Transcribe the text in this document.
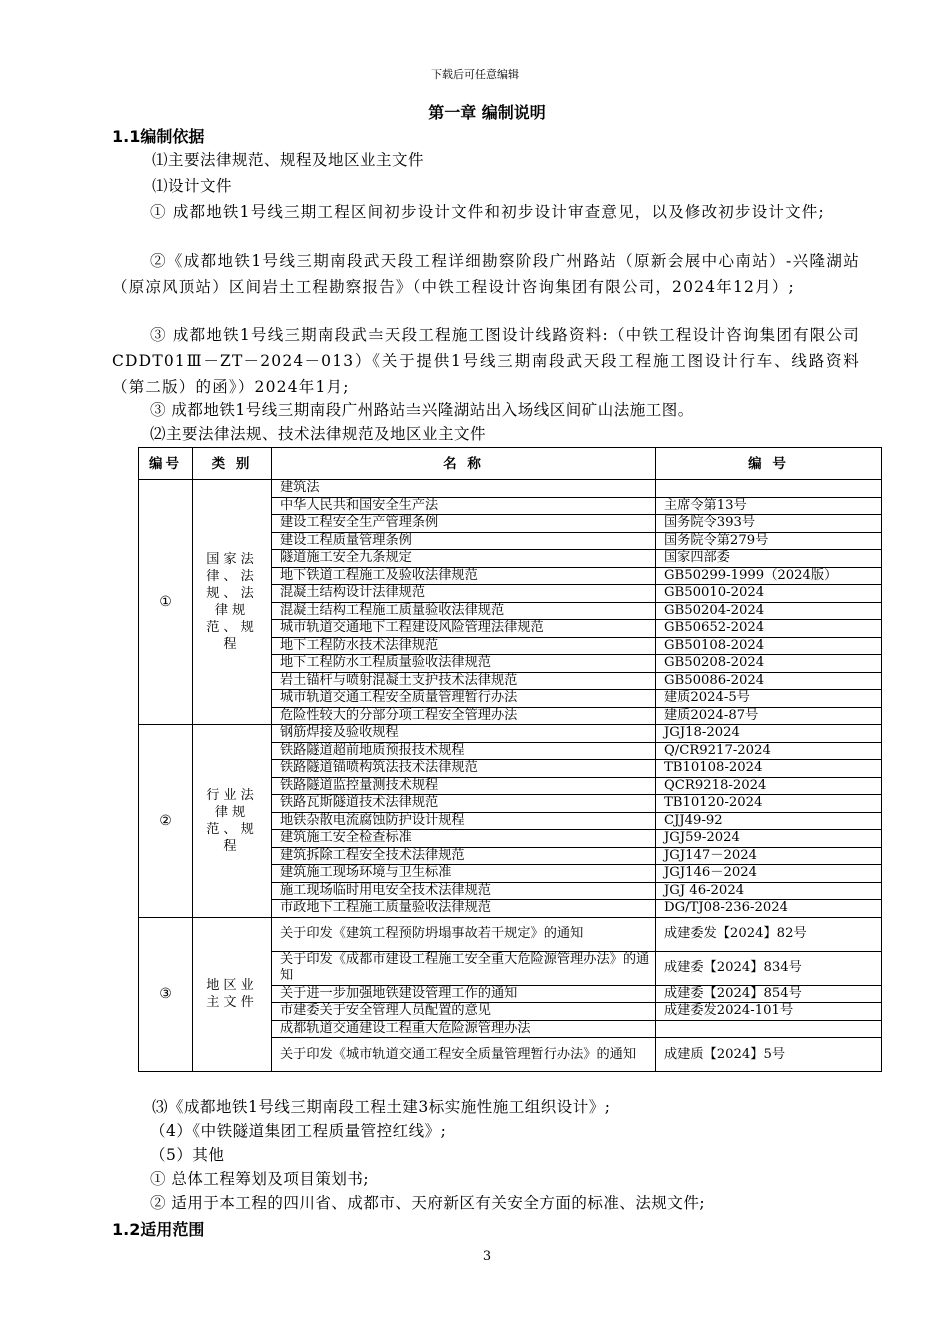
下载后可任意编辑
第一章 编制说明
1.1编制依据
⑴主要法律规范、规程及地区业主文件
⑴设计文件
① 成都地铁1号线三期工程区间初步设计文件和初步设计审查意见，以及修改初步设计文件;
②《成都地铁1号线三期南段武天段工程详细勘察阶段广州路站（原新会展中心南站）-兴隆湖站（原凉风顶站）区间岩土工程勘察报告》（中铁工程设计咨询集团有限公司，2024年12月）;
③ 成都地铁1号线三期南段武〨天段工程施工图设计线路资料:（中铁工程设计咨询集团有限公司 CDDT01Ⅲ－ZT－2024－013）《关于提供1号线三期南段武天段工程施工图设计行车、线路资料（第二版）的函》）2024年1月;
③ 成都地铁1号线三期南段广州路站〨兴隆湖站出入场线区间矿山法施工图。
⑵主要法律法规、技术法律规范及地区业主文件
编号	类 别	名 称	编 号
①	国家法律、法规、法律规范、规程	建筑法	
		中华人民共和国安全生产法	主席令第13号
		建设工程安全生产管理条例	国务院令393号
		建设工程质量管理条例	国务院令第279号
		隧道施工安全九条规定	国家四部委
		地下铁道工程施工及验收法律规范	GB50299-1999（2024版）
		混凝土结构设计法律规范	GB50010-2024
		混凝土结构工程施工质量验收法律规范	GB50204-2024
		城市轨道交通地下工程建设风险管理法律规范	GB50652-2024
		地下工程防水技术法律规范	GB50108-2024
		地下工程防水工程质量验收法律规范	GB50208-2024
		岩土锚杆与喷射混凝土支护技术法律规范	GB50086-2024
		城市轨道交通工程安全质量管理暂行办法	建质2024-5号
		危险性较大的分部分项工程安全管理办法	建质2024-87号
②	行业法律规范、规程	钢筋焊接及验收规程	JGJ18-2024
		铁路隧道超前地质预报技术规程	Q/CR9217-2024
		铁路隧道锚喷构筑法技术法律规范	TB10108-2024
		铁路隧道监控量测技术规程	QCR9218-2024
		铁路瓦斯隧道技术法律规范	TB10120-2024
		地铁杂散电流腐蚀防护设计规程	CJJ49-92
		建筑施工安全检查标准	JGJ59-2024
		建筑拆除工程安全技术法律规范	JGJ147－2024
		建筑施工现场环境与卫生标准	JGJ146－2024
		施工现场临时用电安全技术法律规范	JGJ 46-2024
		市政地下工程施工质量验收法律规范	DG/TJ08-236-2024
③	地区业主文件	关于印发《建筑工程预防坍塌事故若干规定》的通知	成建委发【2024】82号
		关于印发《成都市建设工程施工安全重大危险源管理办法》的通知	成建委【2024】834号
		关于进一步加强地铁建设管理工作的通知	成建委【2024】854号
		市建委关于安全管理人员配置的意见	成建委发2024-101号
		成都轨道交通建设工程重大危险源管理办法	
		关于印发《城市轨道交通工程安全质量管理暂行办法》的通知	成建质【2024】5号
⑶《成都地铁1号线三期南段工程土建3标实施性施工组织设计》;
（4）《中铁隧道集团工程质量管控红线》;
（5）其他
① 总体工程筹划及项目策划书;
② 适用于本工程的四川省、成都市、天府新区有关安全方面的标准、法规文件;
1.2适用范围
3
